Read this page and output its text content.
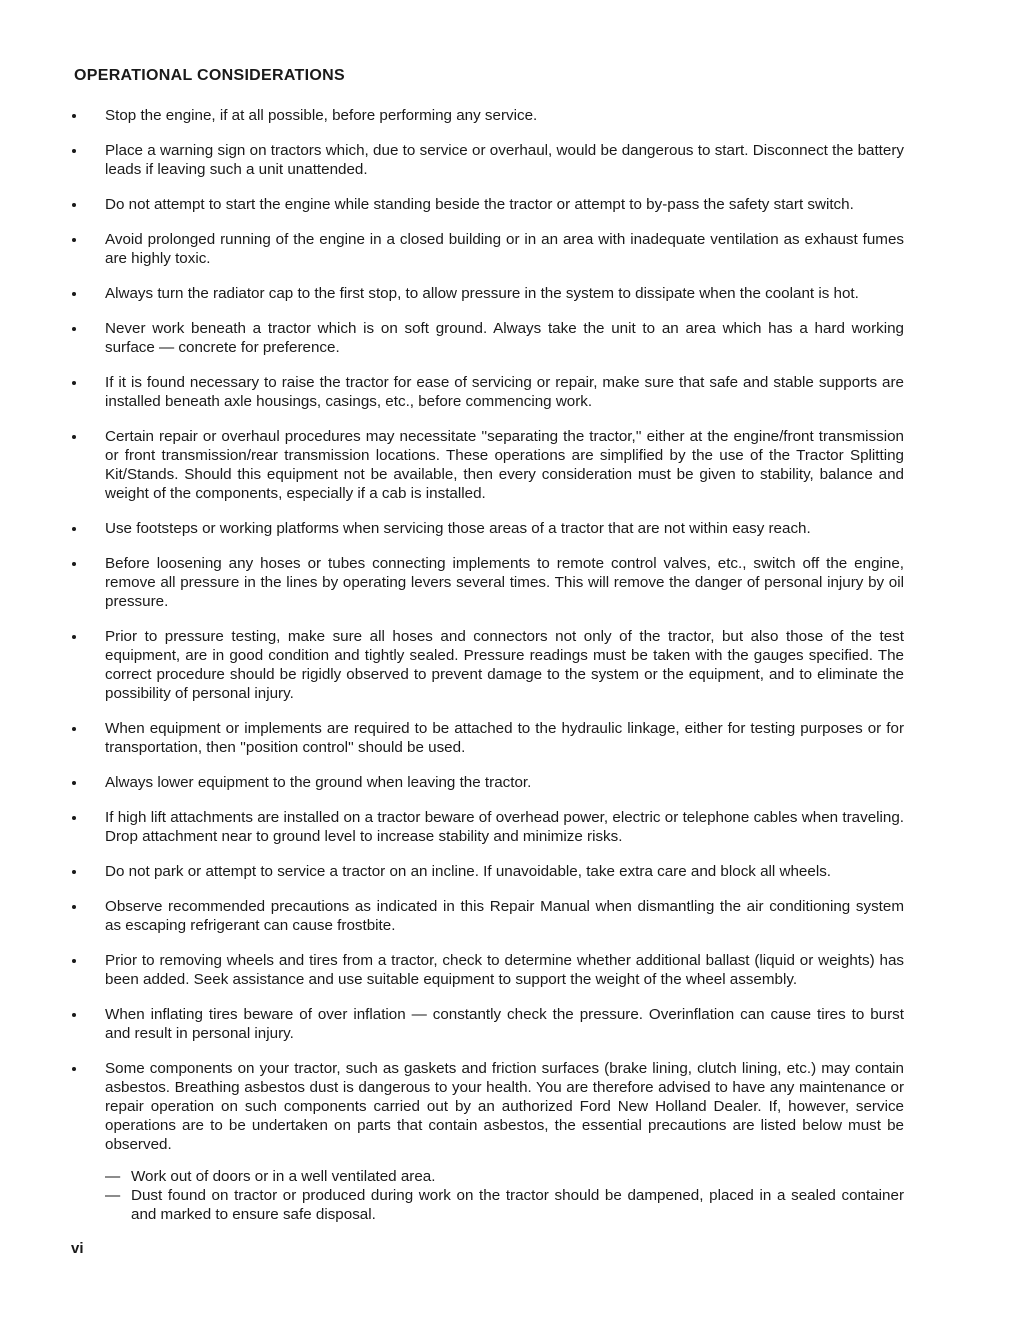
OPERATIONAL CONSIDERATIONS
Stop the engine, if at all possible, before performing any service.
Place a warning sign on tractors which, due to service or overhaul, would be dangerous to start. Disconnect the battery leads if leaving such a unit unattended.
Do not attempt to start the engine while standing beside the tractor or attempt to by-pass the safety start switch.
Avoid prolonged running of the engine in a closed building or in an area with inadequate ventilation as exhaust fumes are highly toxic.
Always turn the radiator cap to the first stop, to allow pressure in the system to dissipate when the coolant is hot.
Never work beneath a tractor which is on soft ground. Always take the unit to an area which has a hard working surface — concrete for preference.
If it is found necessary to raise the tractor for ease of servicing or repair, make sure that safe and stable supports are installed beneath axle housings, casings, etc., before commencing work.
Certain repair or overhaul procedures may necessitate ''separating the tractor,'' either at the engine/front transmission or front transmission/rear transmission locations. These operations are simplified by the use of the Tractor Splitting Kit/Stands. Should this equipment not be available, then every consideration must be given to stability, balance and weight of the components, especially if a cab is installed.
Use footsteps or working platforms when servicing those areas of a tractor that are not within easy reach.
Before loosening any hoses or tubes connecting implements to remote control valves, etc., switch off the engine, remove all pressure in the lines by operating levers several times. This will remove the danger of personal injury by oil pressure.
Prior to pressure testing, make sure all hoses and connectors not only of the tractor, but also those of the test equipment, are in good condition and tightly sealed. Pressure readings must be taken with the gauges specified. The correct procedure should be rigidly observed to prevent damage to the system or the equipment, and to eliminate the possibility of personal injury.
When equipment or implements are required to be attached to the hydraulic linkage, either for testing purposes or for transportation, then ''position control'' should be used.
Always lower equipment to the ground when leaving the tractor.
If high lift attachments are installed on a tractor beware of overhead power, electric or telephone cables when traveling. Drop attachment near to ground level to increase stability and minimize risks.
Do not park or attempt to service a tractor on an incline. If unavoidable, take extra care and block all wheels.
Observe recommended precautions as indicated in this Repair Manual when dismantling the air conditioning system as escaping refrigerant can cause frostbite.
Prior to removing wheels and tires from a tractor, check to determine whether additional ballast (liquid or weights) has been added. Seek assistance and use suitable equipment to support the weight of the wheel assembly.
When inflating tires beware of over inflation — constantly check the pressure. Overinflation can cause tires to burst and result in personal injury.
Some components on your tractor, such as gaskets and friction surfaces (brake lining, clutch lining, etc.) may contain asbestos. Breathing asbestos dust is dangerous to your health. You are therefore advised to have any maintenance or repair operation on such components carried out by an authorized Ford New Holland Dealer. If, however, service operations are to be undertaken on parts that contain asbestos, the essential precautions are listed below must be observed.
— Work out of doors or in a well ventilated area.
— Dust found on tractor or produced during work on the tractor should be dampened, placed in a sealed container and marked to ensure safe disposal.

vi
